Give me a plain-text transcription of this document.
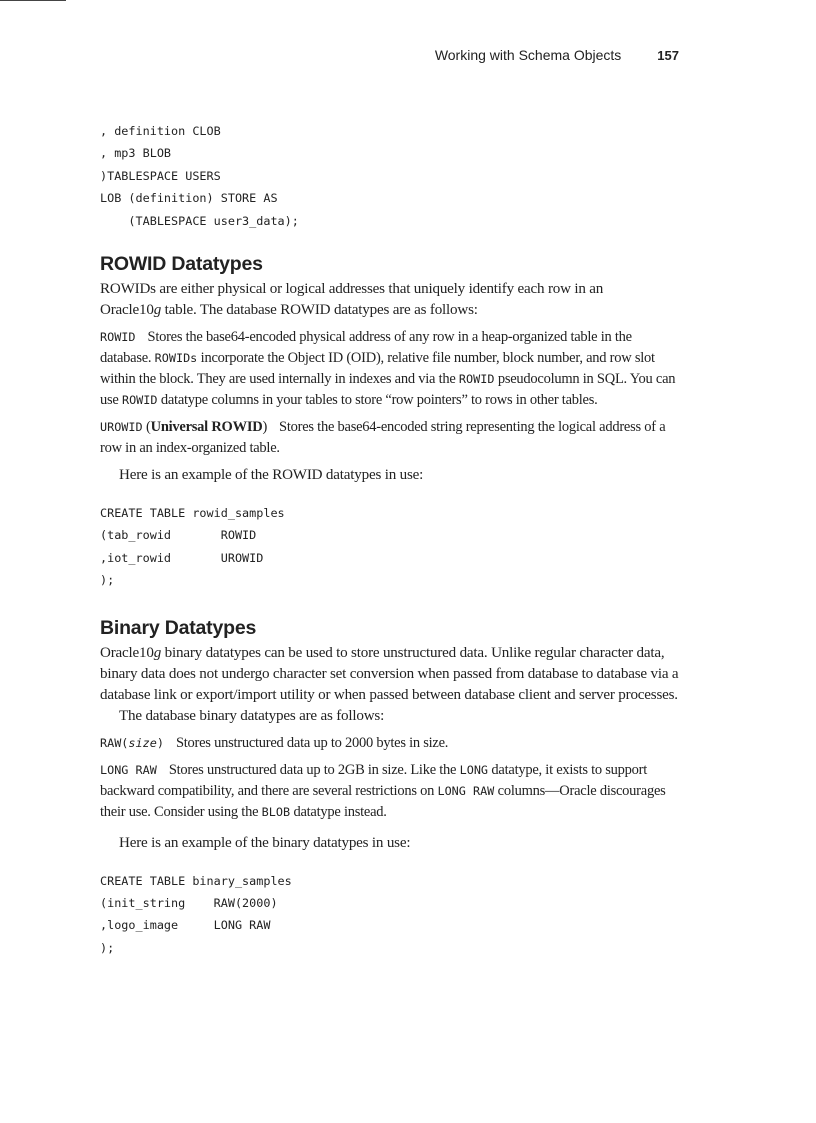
Working with Schema Objects	157
, definition CLOB
, mp3 BLOB
)TABLESPACE USERS
LOB (definition) STORE AS
(TABLESPACE user3_data);
ROWID Datatypes

ROWIDs are either physical or logical addresses that uniquely identify each row in an
Oracle10g table. The database ROWID datatypes are as follows:

ROWID Stores the base64-encoded physical address of any row in a heap-organized table in the database. ROWIDs incorporate the Object ID (OID), relative file number, block number, and row slot within the block. They are used internally in indexes and via the ROWID pseudocolumn in SQL. You can use ROWID datatype columns in your tables to store “row pointers” to rows in other tables.

UROWID (Universal ROWID) Stores the base64-encoded string representing the logical address of a row in an index-organized table.

Here is an example of the ROWID datatypes in use:

CREATE TABLE rowid_samples
(tab_rowid       ROWID
,iot_rowid       UROWID
);
Binary Datatypes

Oracle10g binary datatypes can be used to store unstructured data. Unlike regular character data, binary data does not undergo character set conversion when passed from database to database via a database link or export/import utility or when passed between database client and server processes.

The database binary datatypes are as follows:

RAW(size) Stores unstructured data up to 2000 bytes in size.

LONG RAW Stores unstructured data up to 2GB in size. Like the LONG datatype, it exists to support backward compatibility, and there are several restrictions on LONG RAW columns—Oracle discourages their use. Consider using the BLOB datatype instead.

Here is an example of the binary datatypes in use:

CREATE TABLE binary_samples
(init_string    RAW(2000)
,logo_image     LONG RAW
);
